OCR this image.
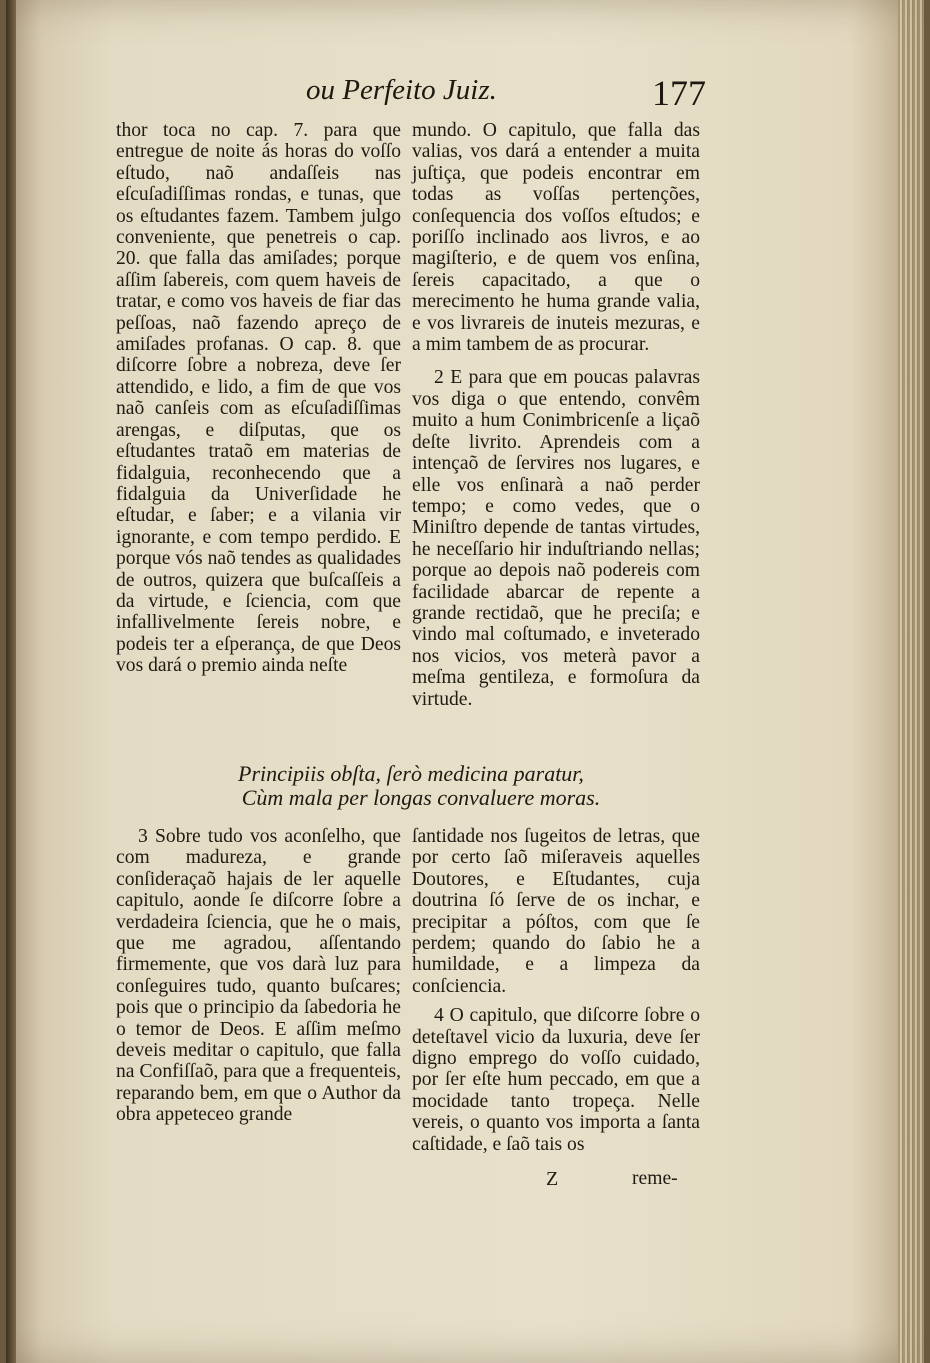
ou Perfeito Juiz.	177

thor toca no cap. 7. para que entregue de noite ás horas do voſſo eſtudo, naõ andaſſeis nas eſcuſadiſſimas rondas, e tunas, que os eſtudantes fazem. Tambem julgo conveniente, que penetreis o cap. 20. que falla das amiſades; porque aſſim ſabereis, com quem haveis de tratar, e como vos haveis de fiar das peſſoas, naõ fazendo apreço de amiſades profanas. O cap. 8. que diſcorre ſobre a nobreza, deve ſer attendido, e lido, a fim de que vos naõ canſeis com as eſcuſadiſſimas arengas, e diſputas, que os eſtudantes trataõ em materias de fidalguia, reconhecendo que a fidalguia da Univerſidade he eſtudar, e ſaber; e a vilania vir ignorante, e com tempo perdido. E porque vós naõ tendes as qualidades de outros, quizera que buſcaſſeis a da virtude, e ſciencia, com que infallivelmente ſereis nobre, e podeis ter a eſperança, de que Deos vos dará o premio ainda neſte

mundo. O capitulo, que falla das valias, vos dará a entender a muita juſtiça, que podeis encontrar em todas as voſſas pertenções, conſequencia dos voſſos eſtudos; e poriſſo inclinado aos livros, e ao magiſterio, e de quem vos enſina, ſereis capacitado, a que o merecimento he huma grande valia, e vos livrareis de inuteis mezuras, e a mim tambem de as procurar.

2 E para que em poucas palavras vos diga o que entendo, convêm muito a hum Conimbricenſe a liçaõ deſte livrito. Aprendeis com a intençaõ de ſervires nos lugares, e elle vos enſinarà a naõ perder tempo; e como vedes, que o Miniſtro depende de tantas virtudes, he neceſſario hir induſtriando nellas; porque ao depois naõ podereis com facilidade abarcar de repente a grande rectidaõ, que he preciſa; e vindo mal coſtumado, e inveterado nos vicios, vos meterà pavor a meſma gentileza, e formoſura da virtude.

Principiis obſta, ſerò medicina paratur,
Cùm mala per longas convaluere moras.

3 Sobre tudo vos aconſelho, que com madureza, e grande conſideraçaõ hajais de ler aquelle capitulo, aonde ſe diſcorre ſobre a verdadeira ſciencia, que he o mais, que me agradou, aſſentando firmemente, que vos darà luz para conſeguires tudo, quanto buſcares; pois que o principio da ſabedoria he o temor de Deos. E aſſim meſmo deveis meditar o capitulo, que falla na Confiſſaõ, para que a frequenteis, reparando bem, em que o Author da obra appeteceo grande

ſantidade nos ſugeitos de letras, que por certo ſaõ miſeraveis aquelles Doutores, e Eſtudantes, cuja doutrina ſó ſerve de os inchar, e precipitar a póſtos, com que ſe perdem; quando do ſabio he a humildade, e a limpeza da conſciencia.

4 O capitulo, que diſcorre ſobre o deteſtavel vicio da luxuria, deve ſer digno emprego do voſſo cuidado, por ſer eſte hum peccado, em que a mocidade tanto tropeça. Nelle vereis, o quanto vos importa a ſanta caſtidade, e ſaõ tais os

Z	reme-
